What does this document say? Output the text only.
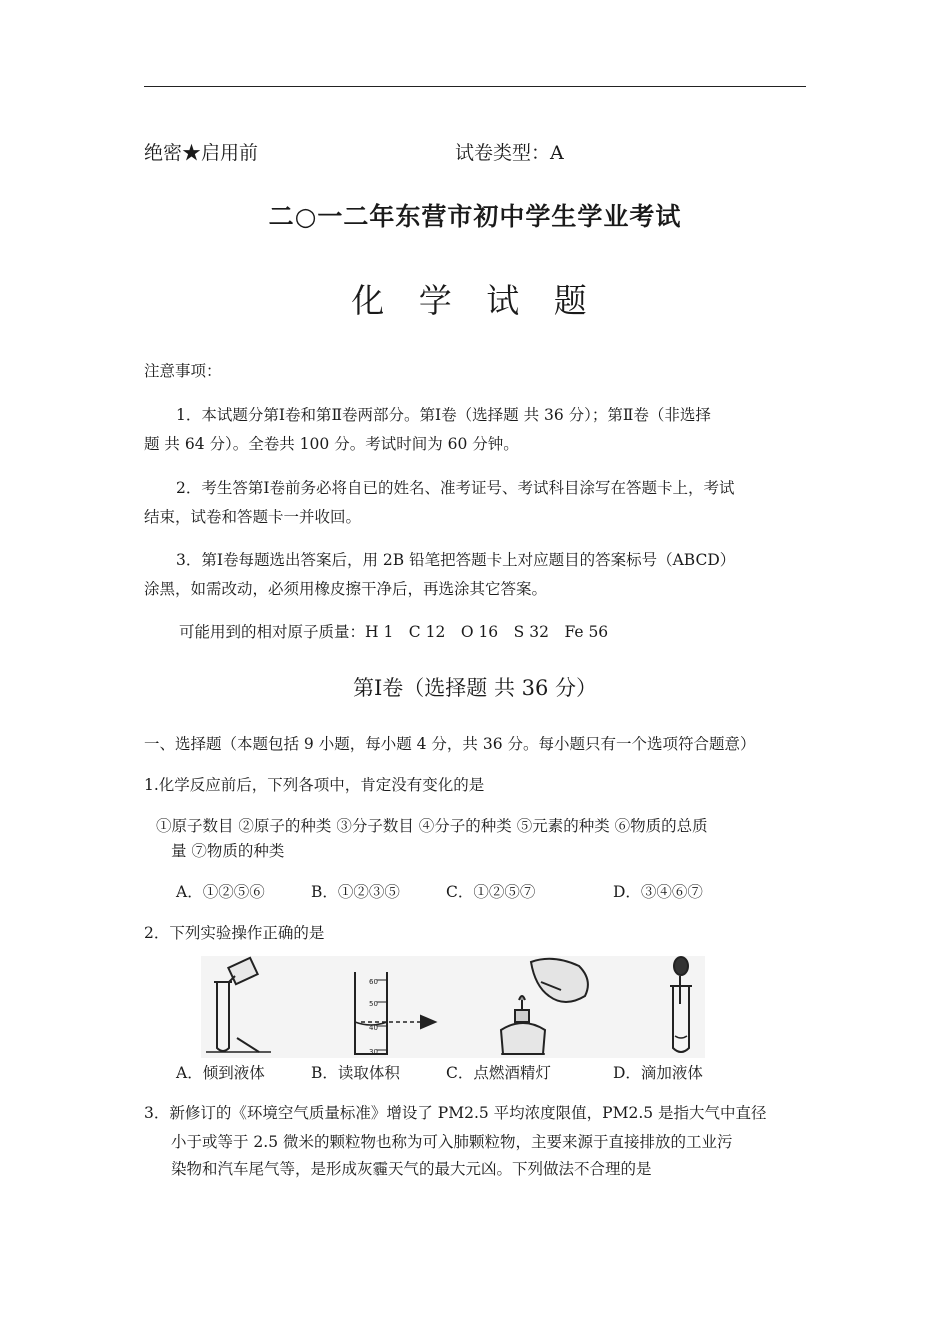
绝密★启用前	试卷类型：A
二○一二年东营市初中学生学业考试
化 学 试 题
注意事项：
1．本试题分第Ⅰ卷和第Ⅱ卷两部分。第Ⅰ卷（选择题 共 36 分）；第Ⅱ卷（非选择
题 共 64 分）。全卷共 100 分。考试时间为 60 分钟。
2．考生答第Ⅰ卷前务必将自已的姓名、准考证号、考试科目涂写在答题卡上，考试
结束，试卷和答题卡一并收回。
3．第Ⅰ卷每题选出答案后，用 2B 铅笔把答题卡上对应题目的答案标号（ABCD）
涂黑，如需改动，必须用橡皮擦干净后，再选涂其它答案。
可能用到的相对原子质量：H 1　C 12　O 16　S 32　Fe 56
第Ⅰ卷（选择题 共 36 分）
一、选择题（本题包括 9 小题，每小题 4 分，共 36 分。每小题只有一个选项符合题意）
1.化学反应前后，下列各项中，肯定没有变化的是
①原子数目 ②原子的种类 ③分子数目 ④分子的种类 ⑤元素的种类 ⑥物质的总质
量 ⑦物质的种类
A．①②⑤⑥	B．①②③⑤	C．①②⑤⑦	D．③④⑥⑦
2．下列实验操作正确的是
60
50
40
30
A．倾到液体	B．读取体积	C．点燃酒精灯	D．滴加液体
3．新修订的《环境空气质量标准》增设了 PM2.5 平均浓度限值，PM2.5 是指大气中直径
小于或等于 2.5 微米的颗粒物也称为可入肺颗粒物，主要来源于直接排放的工业污
染物和汽车尾气等，是形成灰霾天气的最大元凶。下列做法不合理的是
